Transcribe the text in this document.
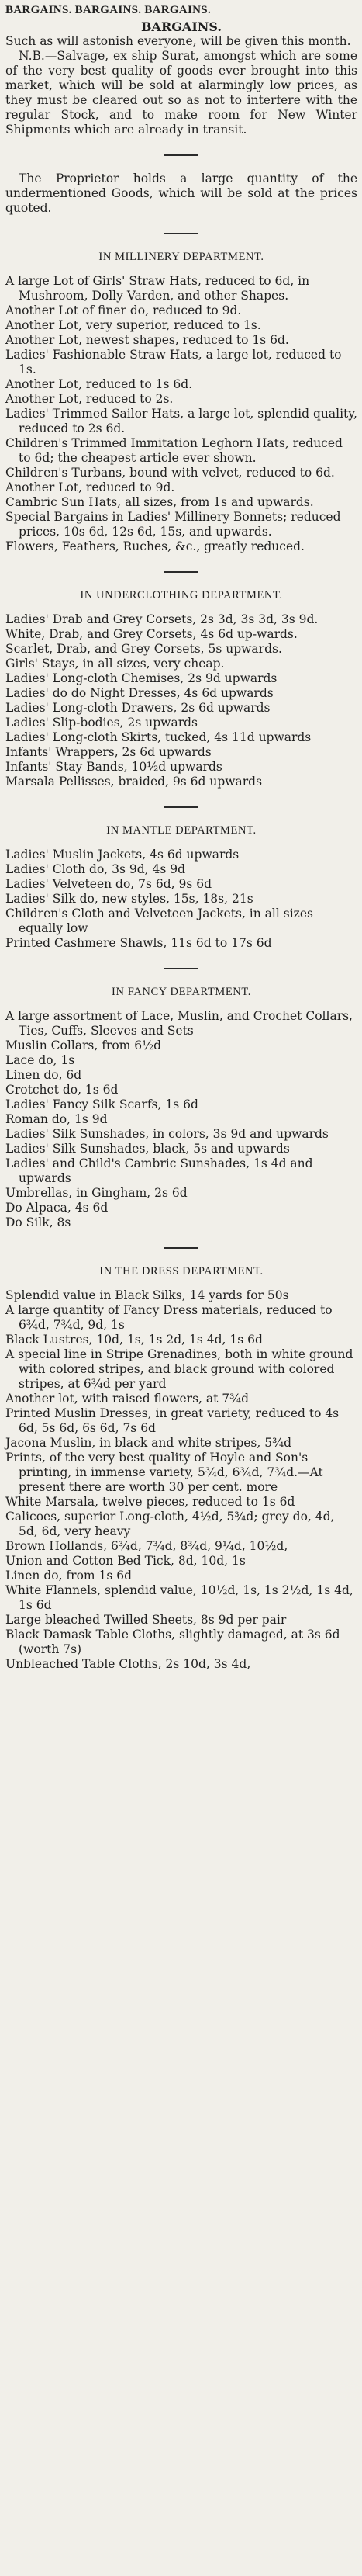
BARGAINS. BARGAINS. BARGAINS.
BARGAINS.

Such as will astonish everyone, will be given this month.

N.B.—Salvage, ex ship Surat, amongst which are some of the very best quality of goods ever brought into this market, which will be sold at alarmingly low prices, as they must be cleared out so as not to interfere with the regular Stock, and to make room for New Winter Shipments which are already in transit.

The Proprietor holds a large quantity of the undermentioned Goods, which will be sold at the prices quoted.

IN MILLINERY DEPARTMENT.
A large Lot of Girls' Straw Hats, reduced to 6d, in Mushroom, Dolly Varden, and other Shapes.
Another Lot of finer do, reduced to 9d.
Another Lot, very superior, reduced to 1s.
Another Lot, newest shapes, reduced to 1s 6d.
Ladies' Fashionable Straw Hats, a large lot, reduced to 1s.
Another Lot, reduced to 1s 6d.
Another Lot, reduced to 2s.
Ladies' Trimmed Sailor Hats, a large lot, splendid quality, reduced to 2s 6d.
Children's Trimmed Immitation Leghorn Hats, reduced to 6d; the cheapest article ever shown.
Children's Turbans, bound with velvet, reduced to 6d.
Another Lot, reduced to 9d.
Cambric Sun Hats, all sizes, from 1s and upwards.
Special Bargains in Ladies' Millinery Bonnets; reduced prices, 10s 6d, 12s 6d, 15s, and upwards.
Flowers, Feathers, Ruches, &c., greatly reduced.
IN UNDERCLOTHING DEPARTMENT.
Ladies' Drab and Grey Corsets, 2s 3d, 3s 3d, 3s 9d.
White, Drab, and Grey Corsets, 4s 6d up-wards.
Scarlet, Drab, and Grey Corsets, 5s upwards.
Girls' Stays, in all sizes, very cheap.
Ladies' Long-cloth Chemises, 2s 9d upwards
Ladies' do do Night Dresses, 4s 6d upwards
Ladies' Long-cloth Drawers, 2s 6d upwards
Ladies' Slip-bodies, 2s upwards
Ladies' Long-cloth Skirts, tucked, 4s 11d upwards
Infants' Wrappers, 2s 6d upwards
Infants' Stay Bands, 10½d upwards
Marsala Pellisses, braided, 9s 6d upwards
IN MANTLE DEPARTMENT.
Ladies' Muslin Jackets, 4s 6d upwards
Ladies' Cloth do, 3s 9d, 4s 9d
Ladies' Velveteen do, 7s 6d, 9s 6d
Ladies' Silk do, new styles, 15s, 18s, 21s
Children's Cloth and Velveteen Jackets, in all sizes equally low
Printed Cashmere Shawls, 11s 6d to 17s 6d
IN FANCY DEPARTMENT.
A large assortment of Lace, Muslin, and Crochet Collars, Ties, Cuffs, Sleeves and Sets
Muslin Collars, from 6½d
Lace do, 1s
Linen do, 6d
Crotchet do, 1s 6d
Ladies' Fancy Silk Scarfs, 1s 6d
Roman do, 1s 9d
Ladies' Silk Sunshades, in colors, 3s 9d and upwards
Ladies' Silk Sunshades, black, 5s and upwards
Ladies' and Child's Cambric Sunshades, 1s 4d and upwards
Umbrellas, in Gingham, 2s 6d
Do Alpaca, 4s 6d
Do Silk, 8s
IN THE DRESS DEPARTMENT.
Splendid value in Black Silks, 14 yards for 50s
A large quantity of Fancy Dress materials, reduced to 6¾d, 7¾d, 9d, 1s
Black Lustres, 10d, 1s, 1s 2d, 1s 4d, 1s 6d
A special line in Stripe Grenadines, both in white ground with colored stripes, and black ground with colored stripes, at 6¾d per yard
Another lot, with raised flowers, at 7¾d
Printed Muslin Dresses, in great variety, reduced to 4s 6d, 5s 6d, 6s 6d, 7s 6d
Jacona Muslin, in black and white stripes, 5¾d
Prints, of the very best quality of Hoyle and Son's printing, in immense variety, 5¾d, 6¾d, 7¾d.—At present there are worth 30 per cent. more
White Marsala, twelve pieces, reduced to 1s 6d
Calicoes, superior Long-cloth, 4½d, 5¾d; grey do, 4d, 5d, 6d, very heavy
Brown Hollands, 6¾d, 7¾d, 8¾d, 9¼d, 10½d,
Union and Cotton Bed Tick, 8d, 10d, 1s
Linen do, from 1s 6d
White Flannels, splendid value, 10½d, 1s, 1s 2½d, 1s 4d, 1s 6d
Large bleached Twilled Sheets, 8s 9d per pair
Black Damask Table Cloths, slightly damaged, at 3s 6d (worth 7s)
Unbleached Table Cloths, 2s 10d, 3s 4d,
